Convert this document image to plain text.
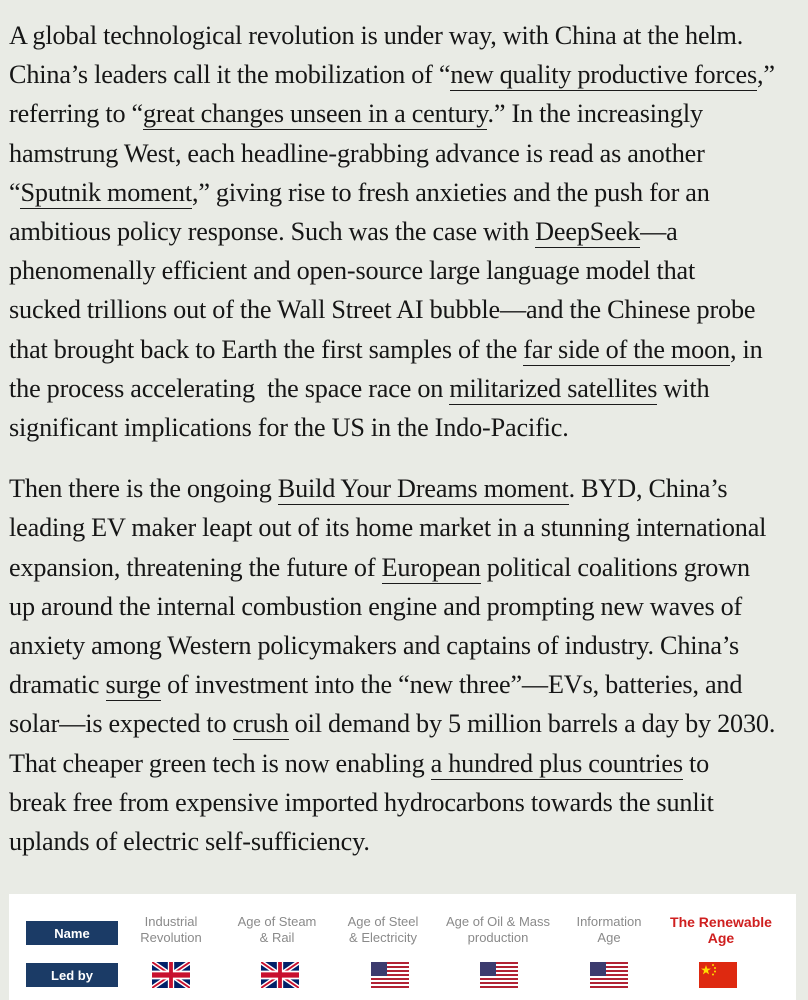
A global technological revolution is under way, with China at the helm.
China’s leaders call it the mobilization of “new quality productive forces,”
referring to “great changes unseen in a century.” In the increasingly
hamstrung West, each headline-grabbing advance is read as another
“Sputnik moment,” giving rise to fresh anxieties and the push for an
ambitious policy response. Such was the case with DeepSeek—a
phenomenally efficient and open-source large language model that
sucked trillions out of the Wall Street AI bubble—and the Chinese probe
that brought back to Earth the first samples of the far side of the moon, in
the process accelerating  the space race on militarized satellites with
significant implications for the US in the Indo-Pacific.

Then there is the ongoing Build Your Dreams moment. BYD, China’s
leading EV maker leapt out of its home market in a stunning international
expansion, threatening the future of European political coalitions grown
up around the internal combustion engine and prompting new waves of
anxiety among Western policymakers and captains of industry. China’s
dramatic surge of investment into the “new three”—EVs, batteries, and
solar—is expected to crush oil demand by 5 million barrels a day by 2030.
That cheaper green tech is now enabling a hundred plus countries to
break free from expensive imported hydrocarbons towards the sunlit
uplands of electric self-sufficiency.

Name
Led by
Industrial
Revolution
Age of Steam
& Rail
Age of Steel
& Electricity
Age of Oil & Mass
production
Information
Age
The Renewable
Age
